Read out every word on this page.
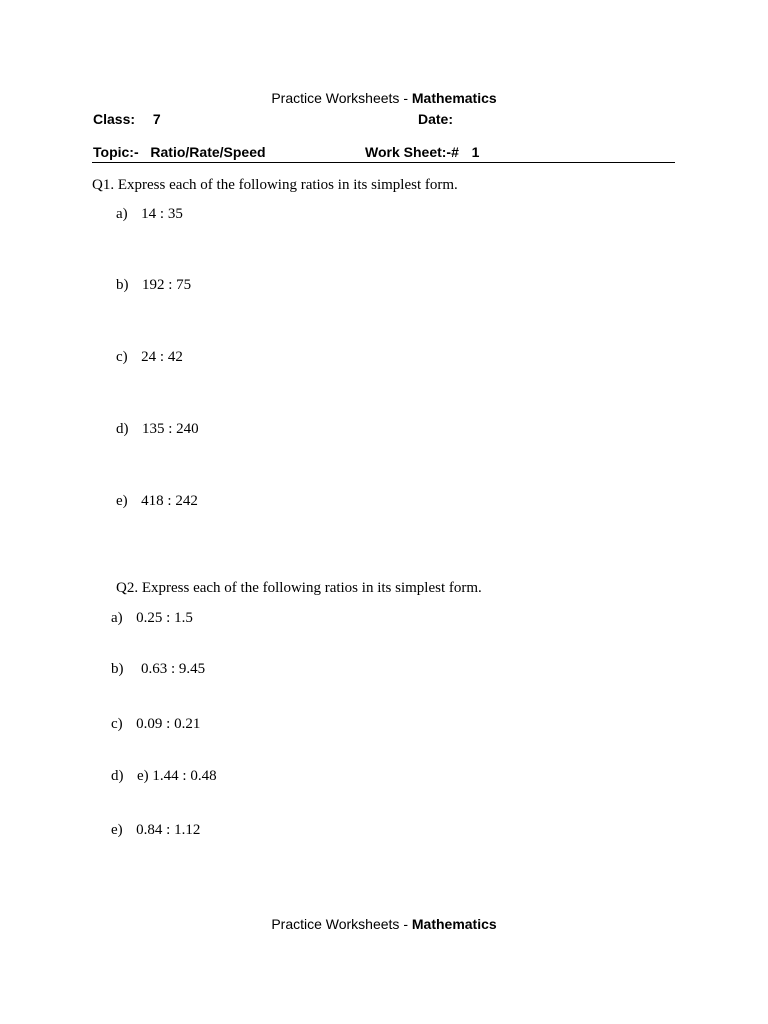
Practice Worksheets - Mathematics
Class: 7	Date:
Topic:- Ratio/Rate/Speed	Work Sheet:-# 1
Q1. Express each of the following ratios in its simplest form.
a) 14 : 35
b) 192 : 75
c) 24 : 42
d) 135 : 240
e) 418 : 242
Q2. Express each of the following ratios in its simplest form.
a) 0.25 : 1.5
b) 0.63 : 9.45
c) 0.09 : 0.21
d) e) 1.44 : 0.48
e) 0.84 : 1.12
Practice Worksheets - Mathematics
